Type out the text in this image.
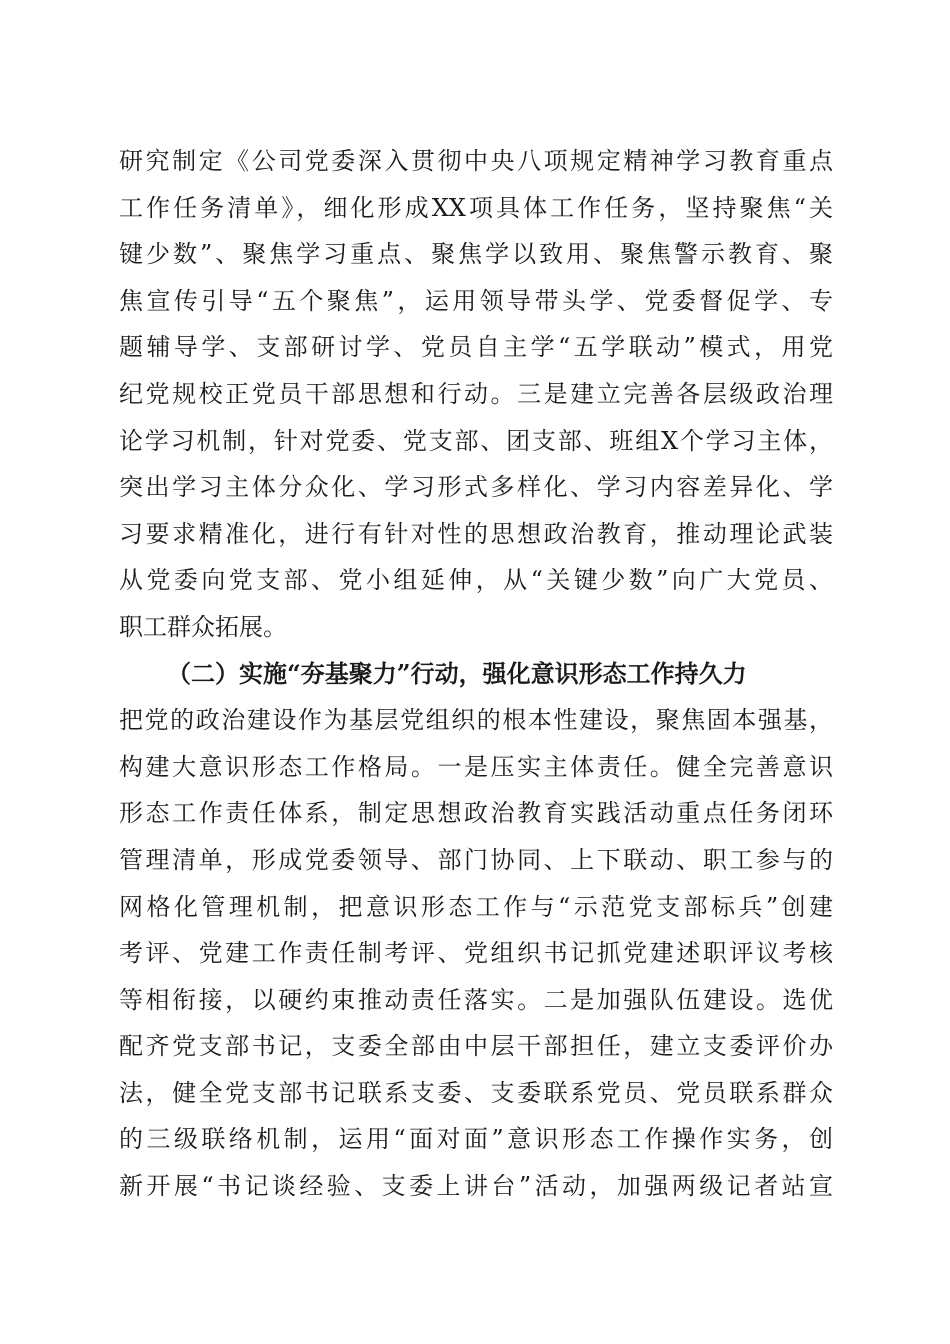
研究制定《公司党委深入贯彻中央八项规定精神学习教育重点
工作任务清单》，细化形成XX项具体工作任务，坚持聚焦“关
键少数”、聚焦学习重点、聚焦学以致用、聚焦警示教育、聚
焦宣传引导“五个聚焦”，运用领导带头学、党委督促学、专
题辅导学、支部研讨学、党员自主学“五学联动”模式，用党
纪党规校正党员干部思想和行动。三是建立完善各层级政治理
论学习机制，针对党委、党支部、团支部、班组X个学习主体，
突出学习主体分众化、学习形式多样化、学习内容差异化、学
习要求精准化，进行有针对性的思想政治教育，推动理论武装
从党委向党支部、党小组延伸，从“关键少数”向广大党员、
职工群众拓展。
（二）实施“夯基聚力”行动，强化意识形态工作持久力
把党的政治建设作为基层党组织的根本性建设，聚焦固本强基，
构建大意识形态工作格局。一是压实主体责任。健全完善意识
形态工作责任体系，制定思想政治教育实践活动重点任务闭环
管理清单，形成党委领导、部门协同、上下联动、职工参与的
网格化管理机制，把意识形态工作与“示范党支部标兵”创建
考评、党建工作责任制考评、党组织书记抓党建述职评议考核
等相衔接，以硬约束推动责任落实。二是加强队伍建设。选优
配齐党支部书记，支委全部由中层干部担任，建立支委评价办
法，健全党支部书记联系支委、支委联系党员、党员联系群众
的三级联络机制，运用“面对面”意识形态工作操作实务，创
新开展“书记谈经验、支委上讲台”活动，加强两级记者站宣
